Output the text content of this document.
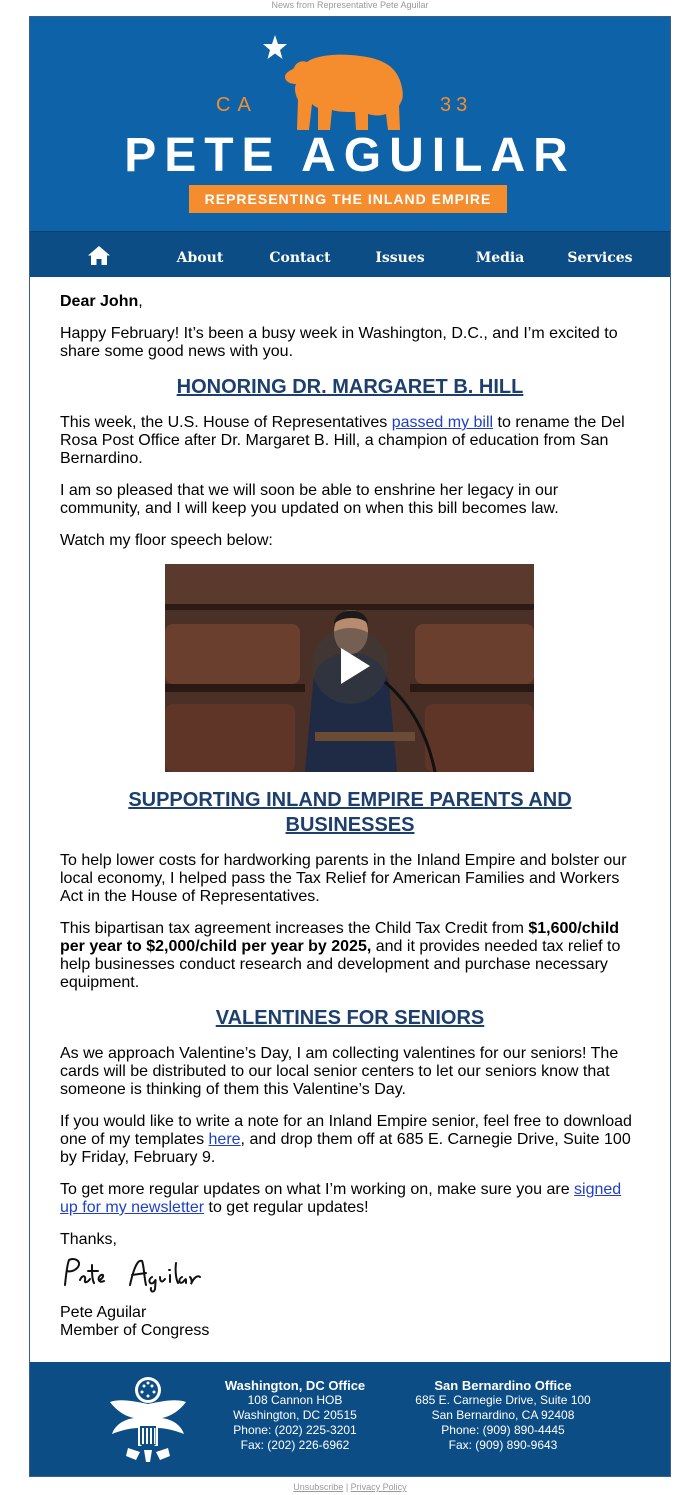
News from Representative Pete Aguilar
CA	33
PETE AGUILAR
REPRESENTING THE INLAND EMPIRE
About	Contact	Issues	Media	Services

Dear John,

Happy February! It’s been a busy week in Washington, D.C., and I’m excited to share some good news with you.

HONORING DR. MARGARET B. HILL

This week, the U.S. House of Representatives passed my bill to rename the Del Rosa Post Office after Dr. Margaret B. Hill, a champion of education from San Bernardino.

I am so pleased that we will soon be able to enshrine her legacy in our community, and I will keep you updated on when this bill becomes law.

Watch my floor speech below:

SUPPORTING INLAND EMPIRE PARENTS AND BUSINESSES

To help lower costs for hardworking parents in the Inland Empire and bolster our local economy, I helped pass the Tax Relief for American Families and Workers Act in the House of Representatives.

This bipartisan tax agreement increases the Child Tax Credit from $1,600/child per year to $2,000/child per year by 2025, and it provides needed tax relief to help businesses conduct research and development and purchase necessary equipment.

VALENTINES FOR SENIORS

As we approach Valentine’s Day, I am collecting valentines for our seniors! The cards will be distributed to our local senior centers to let our seniors know that someone is thinking of them this Valentine’s Day.

If you would like to write a note for an Inland Empire senior, feel free to download one of my templates here, and drop them off at 685 E. Carnegie Drive, Suite 100 by Friday, February 9.

To get more regular updates on what I’m working on, make sure you are signed up for my newsletter to get regular updates!

Thanks,

Pete Aguilar
Pete Aguilar
Member of Congress
Washington, DC Office
108 Cannon HOB
Washington, DC 20515
Phone: (202) 225-3201
Fax: (202) 226-6962
San Bernardino Office
685 E. Carnegie Drive, Suite 100
San Bernardino, CA 92408
Phone: (909) 890-4445
Fax: (909) 890-9643
Unsubscribe | Privacy Policy
